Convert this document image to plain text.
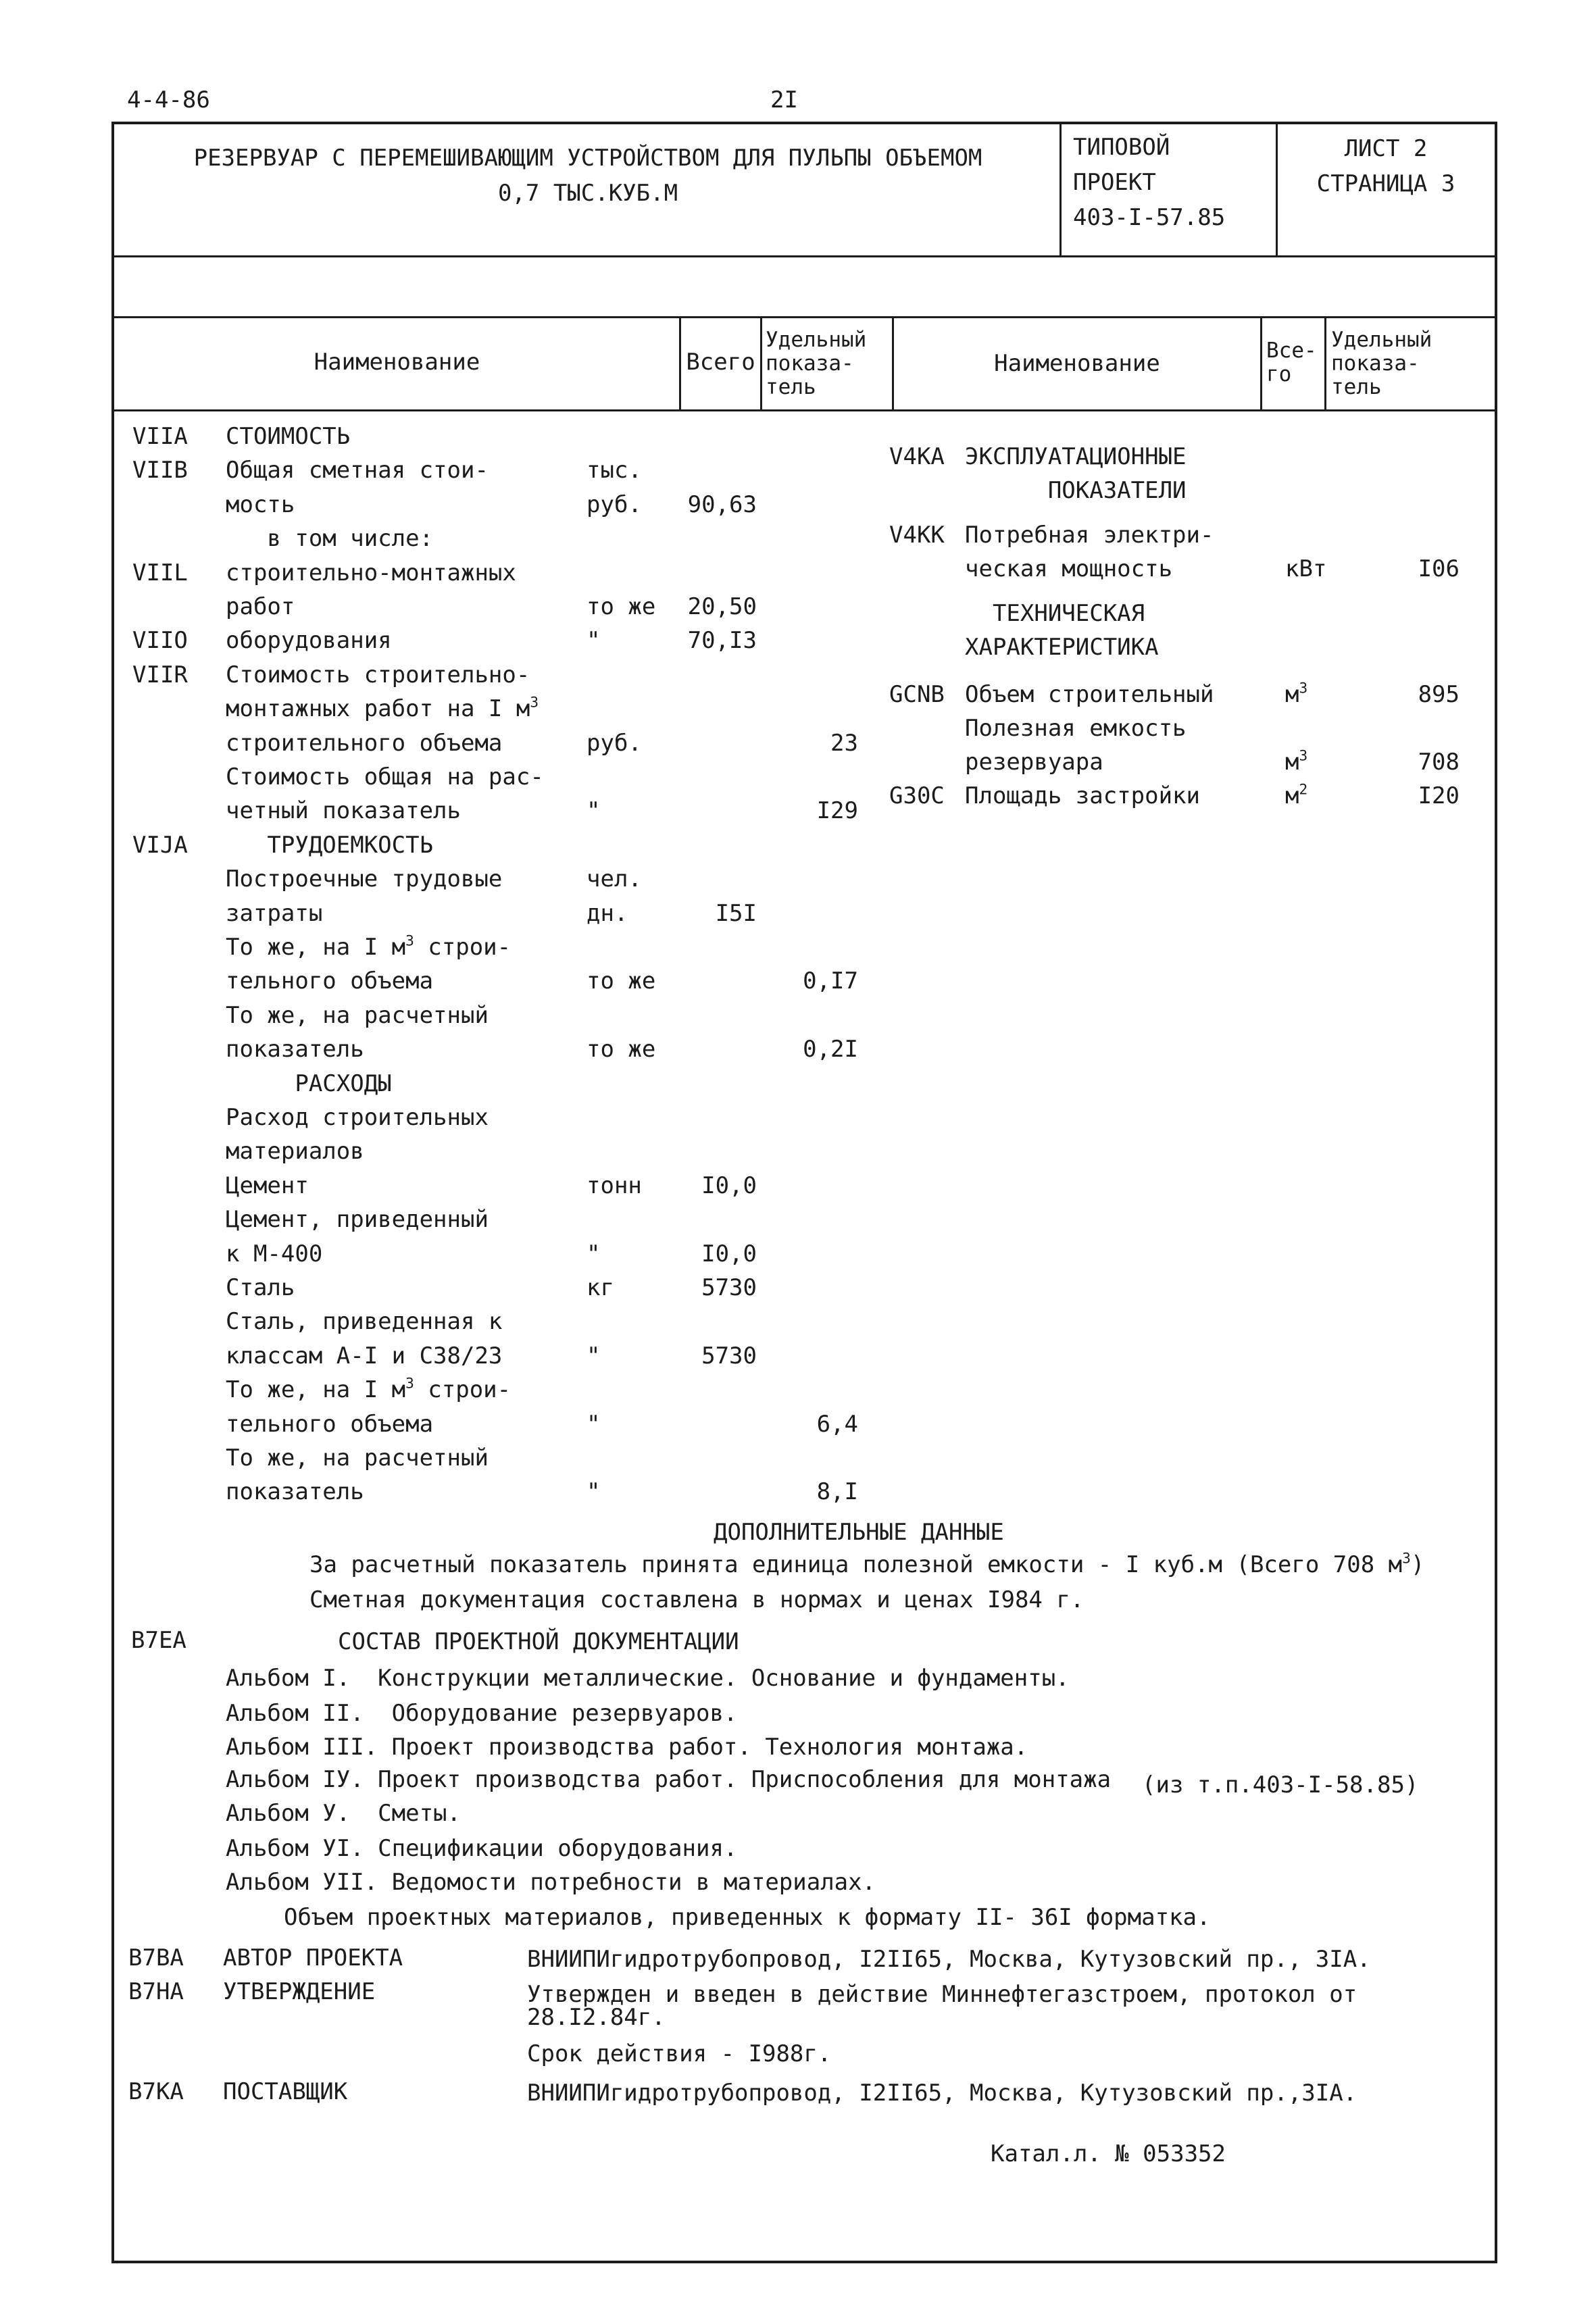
4-4-86	2I
РЕЗЕРВУАР С ПЕРЕМЕШИВАЮЩИМ УСТРОЙСТВОМ ДЛЯ ПУЛЬПЫ ОБЪЕМОМ
0,7 ТЫС.КУБ.М
ТИПОВОЙ
ПРОЕКТ
403-I-57.85
ЛИСТ 2
СТРАНИЦА 3
Наименование	Всего
Удельный
показа-
тель
Наименование	Все-
го
Удельный
показа-
тель
VIIA СТОИМОСТЬ
VIIB Общая сметная стои-	тыс.
мость	руб.	90,63
в том числе:
VIIL строительно-монтажных
работ	то же	20,50
VIIO оборудования	"	70,I3
VIIR Стоимость строительно-
монтажных работ на I $м^3$
строительного объема	руб.	23
Стоимость общая на рас-
четный показатель	"	I29
VIJA ТРУДОЕМКОСТЬ
Построечные трудовые	чел.
затраты	дн.	I5I
То же, на I $м^3$ строи-
тельного объема	то же	0,I7
То же, на расчетный
показатель	то же	0,2I
РАСХОДЫ
Расход строительных
материалов
Цемент	тонн	I0,0
Цемент, приведенный
к М-400	"	I0,0
Сталь	кг	5730
Сталь, приведенная к
классам А-I и С38/23	"	5730
То же, на I $м^3$ строи-
тельного объема	"	6,4
То же, на расчетный
показатель	"	8,I
V4KA ЭКСПЛУАТАЦИОННЫЕ
ПОКАЗАТЕЛИ
V4KK Потребная электри-
ческая мощность	кВт	I06
ТЕХНИЧЕСКАЯ
ХАРАКТЕРИСТИКА
GCNB Объем строительный	$м^3$	895
Полезная емкость
резервуара	$м^3$	708
G30C Площадь застройки	$м^2$	I20
ДОПОЛНИТЕЛЬНЫЕ ДАННЫЕ
За расчетный показатель принята единица полезной емкости - I куб.м (Всего 708 $м^3$)
Сметная документация составлена в нормах и ценах I984 г.
B7EA	СОСТАВ ПРОЕКТНОЙ ДОКУМЕНТАЦИИ
Альбом I.  Конструкции металлические. Основание и фундаменты.
Альбом II.  Оборудование резервуаров.
Альбом III. Проект производства работ. Технология монтажа.
Альбом IУ. Проект производства работ. Приспособления для монтажа (из т.п.403-I-58.85)
Альбом У.  Сметы.
Альбом УI. Спецификации оборудования.
Альбом УII. Ведомости потребности в материалах.
Объем проектных материалов, приведенных к формату II- 36I форматка.
B7BA АВТОР ПРОЕКТА	ВНИИПИгидротрубопровод, I2II65, Москва, Кутузовский пр., 3IA.
B7HA УТВЕРЖДЕНИЕ	Утвержден и введен в действие Миннефтегазстроем, протокол от
28.I2.84г.
Срок действия - I988г.
B7KA ПОСТАВЩИК	ВНИИПИгидротрубопровод, I2II65, Москва, Кутузовский пр.,3IA.
Катал.л. № 053352
